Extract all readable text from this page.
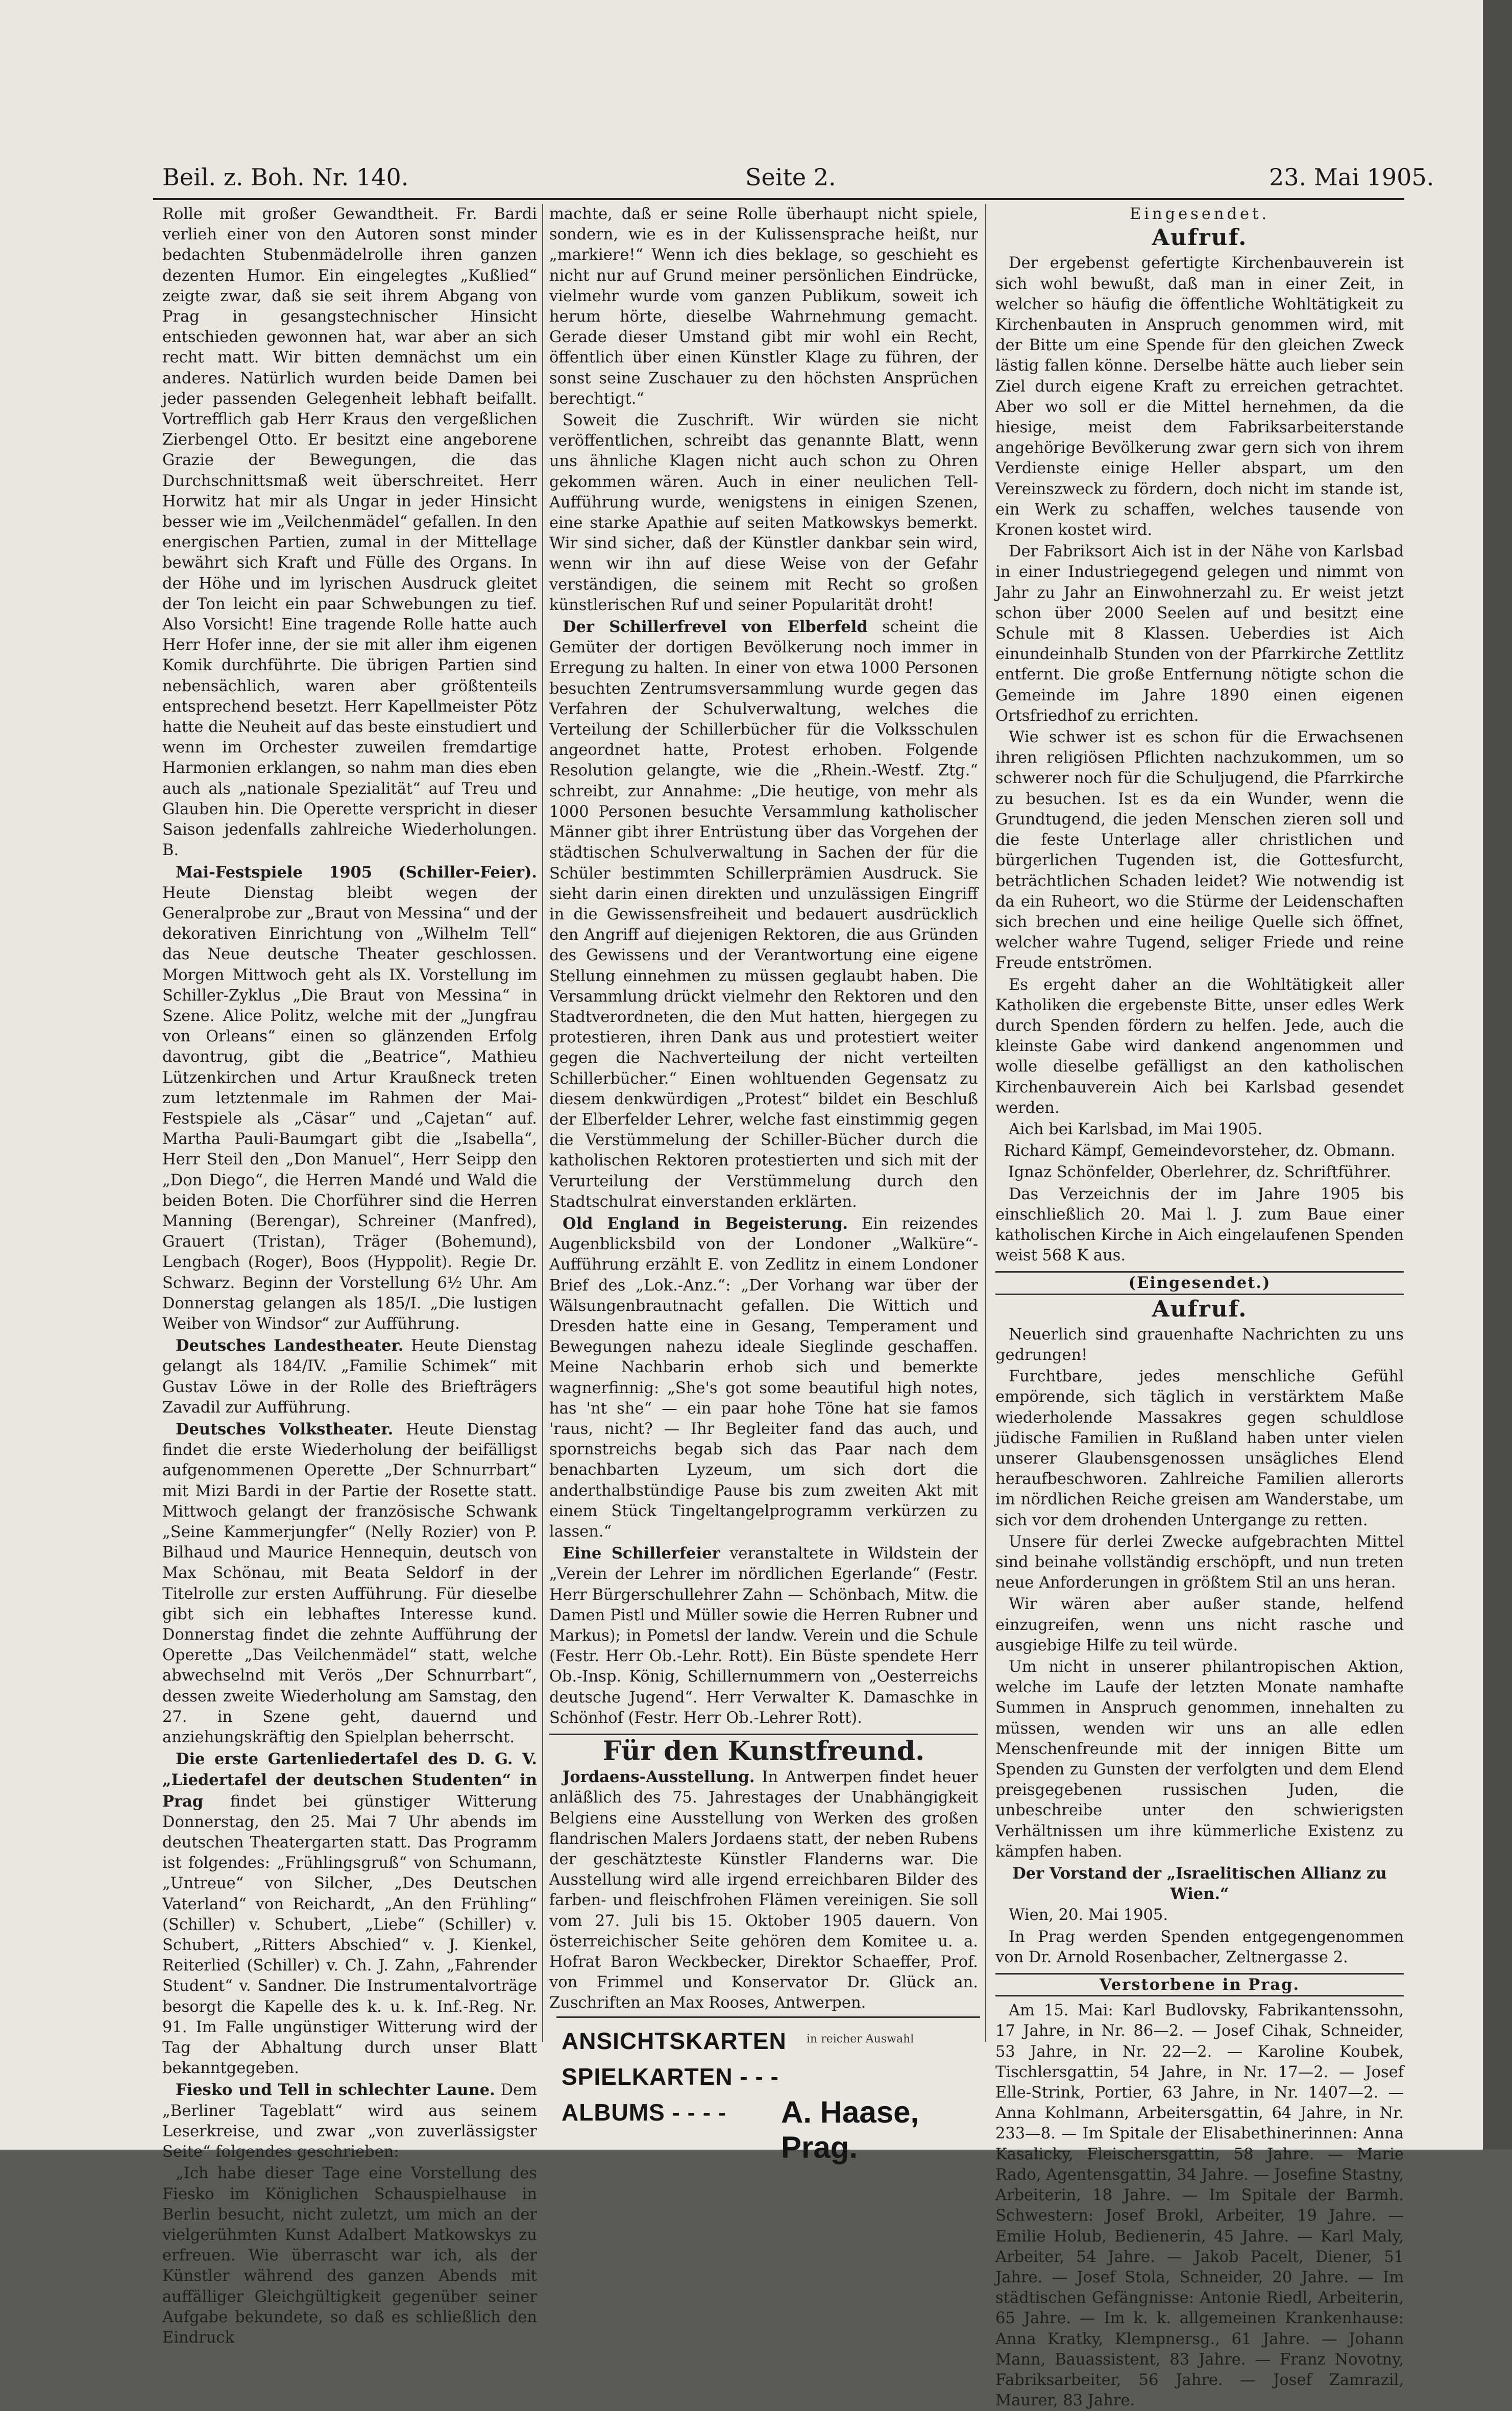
Beil. z. Boh. Nr. 140.	Seite 2.	23. Mai 1905.

Rolle mit großer Gewandtheit. Fr. Bardi verlieh einer von den Autoren sonst minder bedachten Stubenmädelrolle ihren ganzen dezenten Humor. Ein eingelegtes „Kußlied“ zeigte zwar, daß sie seit ihrem Abgang von Prag in gesangstechnischer Hinsicht entschieden gewonnen hat, war aber an sich recht matt. Wir bitten demnächst um ein anderes. Natürlich wurden beide Damen bei jeder passenden Gelegenheit lebhaft beifallt. Vortrefflich gab Herr Kraus den vergeßlichen Zierbengel Otto. Er besitzt eine angeborene Grazie der Bewegungen, die das Durchschnittsmaß weit überschreitet. Herr Horwitz hat mir als Ungar in jeder Hinsicht besser wie im „Veilchenmädel“ gefallen. In den energischen Partien, zumal in der Mittellage bewährt sich Kraft und Fülle des Organs. In der Höhe und im lyrischen Ausdruck gleitet der Ton leicht ein paar Schwebungen zu tief. Also Vorsicht! Eine tragende Rolle hatte auch Herr Hofer inne, der sie mit aller ihm eigenen Komik durchführte. Die übrigen Partien sind nebensächlich, waren aber größtenteils entsprechend besetzt. Herr Kapellmeister Pötz hatte die Neuheit auf das beste einstudiert und wenn im Orchester zuweilen fremdartige Harmonien erklangen, so nahm man dies eben auch als „nationale Spezialität“ auf Treu und Glauben hin. Die Operette verspricht in dieser Saison jedenfalls zahlreiche Wiederholungen. B.

Mai-Festspiele 1905 (Schiller-Feier). Heute Dienstag bleibt wegen der Generalprobe zur „Braut von Messina“ und der dekorativen Einrichtung von „Wilhelm Tell“ das Neue deutsche Theater geschlossen. Morgen Mittwoch geht als IX. Vorstellung im Schiller-Zyklus „Die Braut von Messina“ in Szene. Alice Politz, welche mit der „Jungfrau von Orleans“ einen so glänzenden Erfolg davontrug, gibt die „Beatrice“, Mathieu Lützenkirchen und Artur Kraußneck treten zum letztenmale im Rahmen der Mai-Festspiele als „Cäsar“ und „Cajetan“ auf. Martha Pauli-Baumgart gibt die „Isabella“, Herr Steil den „Don Manuel“, Herr Seipp den „Don Diego“, die Herren Mandé und Wald die beiden Boten. Die Chorführer sind die Herren Manning (Berengar), Schreiner (Manfred), Grauert (Tristan), Träger (Bohemund), Lengbach (Roger), Boos (Hyppolit). Regie Dr. Schwarz. Beginn der Vorstellung 6½ Uhr. Am Donnerstag gelangen als 185/I. „Die lustigen Weiber von Windsor“ zur Aufführung.

Deutsches Landestheater. Heute Dienstag gelangt als 184/IV. „Familie Schimek“ mit Gustav Löwe in der Rolle des Briefträgers Zavadil zur Aufführung.

Deutsches Volkstheater. Heute Dienstag findet die erste Wiederholung der beifälligst aufgenommenen Operette „Der Schnurrbart“ mit Mizi Bardi in der Partie der Rosette statt. Mittwoch gelangt der französische Schwank „Seine Kammerjungfer“ (Nelly Rozier) von P. Bilhaud und Maurice Hennequin, deutsch von Max Schönau, mit Beata Seldorf in der Titelrolle zur ersten Aufführung. Für dieselbe gibt sich ein lebhaftes Interesse kund. Donnerstag findet die zehnte Aufführung der Operette „Das Veilchenmädel“ statt, welche abwechselnd mit Verös „Der Schnurrbart“, dessen zweite Wiederholung am Samstag, den 27. in Szene geht, dauernd und anziehungskräftig den Spielplan beherrscht.

Die erste Gartenliedertafel des D. G. V. „Liedertafel der deutschen Studenten“ in Prag findet bei günstiger Witterung Donnerstag, den 25. Mai 7 Uhr abends im deutschen Theatergarten statt. Das Programm ist folgendes: „Frühlingsgruß“ von Schumann, „Untreue“ von Silcher, „Des Deutschen Vaterland“ von Reichardt, „An den Frühling“ (Schiller) v. Schubert, „Liebe“ (Schiller) v. Schubert, „Ritters Abschied“ v. J. Kienkel, Reiterlied (Schiller) v. Ch. J. Zahn, „Fahrender Student“ v. Sandner. Die Instrumentalvorträge besorgt die Kapelle des k. u. k. Inf.-Reg. Nr. 91. Im Falle ungünstiger Witterung wird der Tag der Abhaltung durch unser Blatt bekanntgegeben.

Fiesko und Tell in schlechter Laune. Dem „Berliner Tageblatt“ wird aus seinem Leserkreise, und zwar „von zuverlässigster Seite“ folgendes geschrieben:

„Ich habe dieser Tage eine Vorstellung des Fiesko im Königlichen Schauspielhause in Berlin besucht, nicht zuletzt, um mich an der vielgerühmten Kunst Adalbert Matkowskys zu erfreuen. Wie überrascht war ich, als der Künstler während des ganzen Abends mit auffälliger Gleichgültigkeit gegenüber seiner Aufgabe bekundete, so daß es schließlich den Eindruck

machte, daß er seine Rolle überhaupt nicht spiele, sondern, wie es in der Kulissensprache heißt, nur „markiere!“ Wenn ich dies beklage, so geschieht es nicht nur auf Grund meiner persönlichen Eindrücke, vielmehr wurde vom ganzen Publikum, soweit ich herum hörte, dieselbe Wahrnehmung gemacht. Gerade dieser Umstand gibt mir wohl ein Recht, öffentlich über einen Künstler Klage zu führen, der sonst seine Zuschauer zu den höchsten Ansprüchen berechtigt.“

Soweit die Zuschrift. Wir würden sie nicht veröffentlichen, schreibt das genannte Blatt, wenn uns ähnliche Klagen nicht auch schon zu Ohren gekommen wären. Auch in einer neulichen Tell-Aufführung wurde, wenigstens in einigen Szenen, eine starke Apathie auf seiten Matkowskys bemerkt. Wir sind sicher, daß der Künstler dankbar sein wird, wenn wir ihn auf diese Weise von der Gefahr verständigen, die seinem mit Recht so großen künstlerischen Ruf und seiner Popularität droht!

Der Schillerfrevel von Elberfeld scheint die Gemüter der dortigen Bevölkerung noch immer in Erregung zu halten. In einer von etwa 1000 Personen besuchten Zentrumsversammlung wurde gegen das Verfahren der Schulverwaltung, welches die Verteilung der Schillerbücher für die Volksschulen angeordnet hatte, Protest erhoben. Folgende Resolution gelangte, wie die „Rhein.-Westf. Ztg.“ schreibt, zur Annahme: „Die heutige, von mehr als 1000 Personen besuchte Versammlung katholischer Männer gibt ihrer Entrüstung über das Vorgehen der städtischen Schulverwaltung in Sachen der für die Schüler bestimmten Schillerprämien Ausdruck. Sie sieht darin einen direkten und unzulässigen Eingriff in die Gewissensfreiheit und bedauert ausdrücklich den Angriff auf diejenigen Rektoren, die aus Gründen des Gewissens und der Verantwortung eine eigene Stellung einnehmen zu müssen geglaubt haben. Die Versammlung drückt vielmehr den Rektoren und den Stadtverordneten, die den Mut hatten, hiergegen zu protestieren, ihren Dank aus und protestiert weiter gegen die Nachverteilung der nicht verteilten Schillerbücher.“ Einen wohltuenden Gegensatz zu diesem denkwürdigen „Protest“ bildet ein Beschluß der Elberfelder Lehrer, welche fast einstimmig gegen die Verstümmelung der Schiller-Bücher durch die katholischen Rektoren protestierten und sich mit der Verurteilung der Verstümmelung durch den Stadtschulrat einverstanden erklärten.

Old England in Begeisterung. Ein reizendes Augenblicksbild von der Londoner „Walküre“-Aufführung erzählt E. von Zedlitz in einem Londoner Brief des „Lok.-Anz.“: „Der Vorhang war über der Wälsungenbrautnacht gefallen. Die Wittich und Dresden hatte eine in Gesang, Temperament und Bewegungen nahezu ideale Sieglinde geschaffen. Meine Nachbarin erhob sich und bemerkte wagnerfinnig: „She's got some beautiful high notes, has 'nt she“ — ein paar hohe Töne hat sie famos 'raus, nicht? — Ihr Begleiter fand das auch, und spornstreichs begab sich das Paar nach dem benachbarten Lyzeum, um sich dort die anderthalbstündige Pause bis zum zweiten Akt mit einem Stück Tingeltangelprogramm verkürzen zu lassen.“

Eine Schillerfeier veranstaltete in Wildstein der „Verein der Lehrer im nördlichen Egerlande“ (Festr. Herr Bürgerschullehrer Zahn — Schönbach, Mitw. die Damen Pistl und Müller sowie die Herren Rubner und Markus); in Pometsl der landw. Verein und die Schule (Festr. Herr Ob.-Lehr. Rott). Ein Büste spendete Herr Ob.-Insp. König, Schillernummern von „Oesterreichs deutsche Jugend“. Herr Verwalter K. Damaschke in Schönhof (Festr. Herr Ob.-Lehrer Rott).

Für den Kunstfreund.

Jordaens-Ausstellung. In Antwerpen findet heuer anläßlich des 75. Jahrestages der Unabhängigkeit Belgiens eine Ausstellung von Werken des großen flandrischen Malers Jordaens statt, der neben Rubens der geschätzteste Künstler Flanderns war. Die Ausstellung wird alle irgend erreichbaren Bilder des farben- und fleischfrohen Flämen vereinigen. Sie soll vom 27. Juli bis 15. Oktober 1905 dauern. Von österreichischer Seite gehören dem Komitee u. a. Hofrat Baron Weckbecker, Direktor Schaeffer, Prof. von Frimmel und Konservator Dr. Glück an. Zuschriften an Max Rooses, Antwerpen.

Eingesendet.

Aufruf.

Der ergebenst gefertigte Kirchenbauverein ist sich wohl bewußt, daß man in einer Zeit, in welcher so häufig die öffentliche Wohltätigkeit zu Kirchenbauten in Anspruch genommen wird, mit der Bitte um eine Spende für den gleichen Zweck lästig fallen könne. Derselbe hätte auch lieber sein Ziel durch eigene Kraft zu erreichen getrachtet. Aber wo soll er die Mittel hernehmen, da die hiesige, meist dem Fabriksarbeiterstande angehörige Bevölkerung zwar gern sich von ihrem Verdienste einige Heller abspart, um den Vereinszweck zu fördern, doch nicht im stande ist, ein Werk zu schaffen, welches tausende von Kronen kostet wird.

Der Fabriksort Aich ist in der Nähe von Karlsbad in einer Industriegegend gelegen und nimmt von Jahr zu Jahr an Einwohnerzahl zu. Er weist jetzt schon über 2000 Seelen auf und besitzt eine Schule mit 8 Klassen. Ueberdies ist Aich einundeinhalb Stunden von der Pfarrkirche Zettlitz entfernt. Die große Entfernung nötigte schon die Gemeinde im Jahre 1890 einen eigenen Ortsfriedhof zu errichten.

Wie schwer ist es schon für die Erwachsenen ihren religiösen Pflichten nachzukommen, um so schwerer noch für die Schuljugend, die Pfarrkirche zu besuchen. Ist es da ein Wunder, wenn die Grundtugend, die jeden Menschen zieren soll und die feste Unterlage aller christlichen und bürgerlichen Tugenden ist, die Gottesfurcht, beträchtlichen Schaden leidet? Wie notwendig ist da ein Ruheort, wo die Stürme der Leidenschaften sich brechen und eine heilige Quelle sich öffnet, welcher wahre Tugend, seliger Friede und reine Freude entströmen.

Es ergeht daher an die Wohltätigkeit aller Katholiken die ergebenste Bitte, unser edles Werk durch Spenden fördern zu helfen. Jede, auch die kleinste Gabe wird dankend angenommen und wolle dieselbe gefälligst an den katholischen Kirchenbauverein Aich bei Karlsbad gesendet werden.

Aich bei Karlsbad, im Mai 1905.

Richard Kämpf, Gemeindevorsteher, dz. Obmann.

Ignaz Schönfelder, Oberlehrer, dz. Schriftführer.

Das Verzeichnis der im Jahre 1905 bis einschließlich 20. Mai l. J. zum Baue einer katholischen Kirche in Aich eingelaufenen Spenden weist 568 K aus.

(Eingesendet.)

Aufruf.

Neuerlich sind grauenhafte Nachrichten zu uns gedrungen!

Furchtbare, jedes menschliche Gefühl empörende, sich täglich in verstärktem Maße wiederholende Massakres gegen schuldlose jüdische Familien in Rußland haben unter vielen unserer Glaubensgenossen unsägliches Elend heraufbeschworen. Zahlreiche Familien allerorts im nördlichen Reiche greisen am Wanderstabe, um sich vor dem drohenden Untergange zu retten.

Unsere für derlei Zwecke aufgebrachten Mittel sind beinahe vollständig erschöpft, und nun treten neue Anforderungen in größtem Stil an uns heran.

Wir wären aber außer stande, helfend einzugreifen, wenn uns nicht rasche und ausgiebige Hilfe zu teil würde.

Um nicht in unserer philantropischen Aktion, welche im Laufe der letzten Monate namhafte Summen in Anspruch genommen, innehalten zu müssen, wenden wir uns an alle edlen Menschenfreunde mit der innigen Bitte um Spenden zu Gunsten der verfolgten und dem Elend preisgegebenen russischen Juden, die unbeschreibe unter den schwierigsten Verhältnissen um ihre kümmerliche Existenz zu kämpfen haben.

Der Vorstand der „Israelitischen Allianz zu Wien.“

Wien, 20. Mai 1905.

In Prag werden Spenden entgegengenommen von Dr. Arnold Rosenbacher, Zeltnergasse 2.

Verstorbene in Prag.

Am 15. Mai: Karl Budlovsky, Fabrikantenssohn, 17 Jahre, in Nr. 86—2. — Josef Cihak, Schneider, 53 Jahre, in Nr. 22—2. — Karoline Koubek, Tischlersgattin, 54 Jahre, in Nr. 17—2. — Josef Elle-Strink, Portier, 63 Jahre, in Nr. 1407—2. — Anna Kohlmann, Arbeitersgattin, 64 Jahre, in Nr. 233—8. — Im Spitale der Elisabethinerinnen: Anna Kasalicky, Fleischersgattin, 58 Jahre. — Marie Rado, Agentensgattin, 34 Jahre. — Josefine Stastny, Arbeiterin, 18 Jahre. — Im Spitale der Barmh. Schwestern: Josef Brokl, Arbeiter, 19 Jahre. — Emilie Holub, Bedienerin, 45 Jahre. — Karl Maly, Arbeiter, 54 Jahre. — Jakob Pacelt, Diener, 51 Jahre. — Josef Stola, Schneider, 20 Jahre. — Im städtischen Gefängnisse: Antonie Riedl, Arbeiterin, 65 Jahre. — Im k. k. allgemeinen Krankenhause: Anna Kratky, Klempnersg., 61 Jahre. — Johann Mann, Bauassistent, 83 Jahre. — Franz Novotny, Fabriksarbeiter, 56 Jahre. — Josef Zamrazil, Maurer, 83 Jahre.

ANSICHTSKARTEN
SPIELKARTEN - - -
ALBUMS - - - -
in reicher Auswahl
A. Haase, Prag.
